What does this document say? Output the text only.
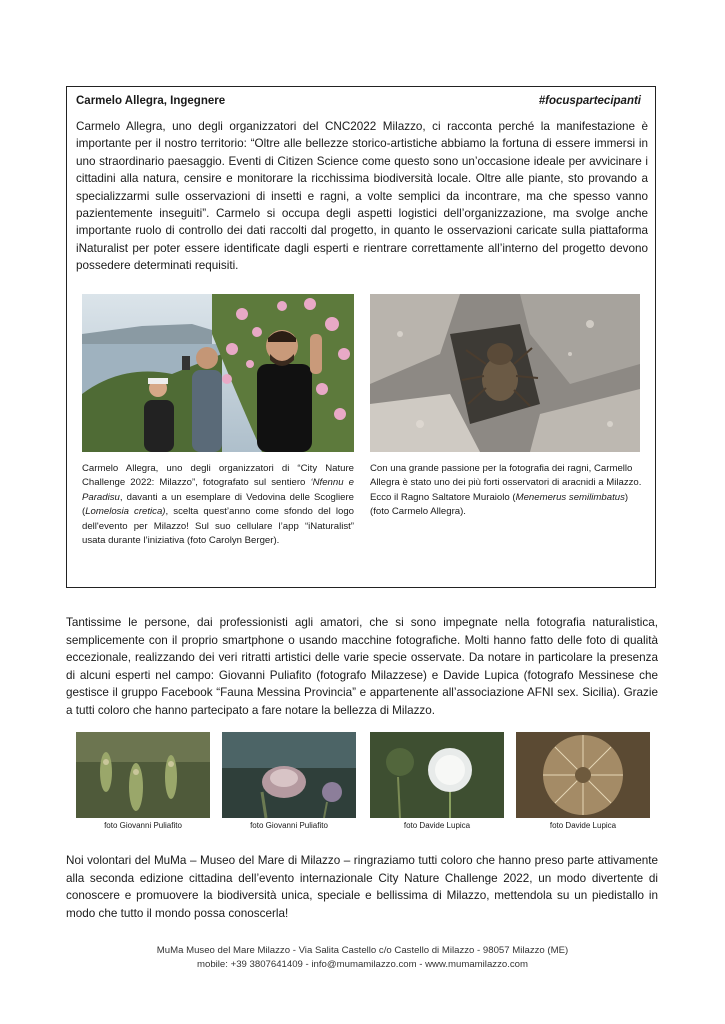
Carmelo Allegra, Ingegnere	#focuspartecipanti

Carmelo Allegra, uno degli organizzatori del CNC2022 Milazzo, ci racconta perché la manifestazione è importante per il nostro territorio: “Oltre alle bellezze storico-artistiche abbiamo la fortuna di essere immersi in uno straordinario paesaggio. Eventi di Citizen Science come questo sono un’occasione ideale per avvicinare i cittadini alla natura, censire e monitorare la ricchissima biodiversità locale. Oltre alle piante, sto provando a specializzarmi sulle osservazioni di insetti e ragni, a volte semplici da incontrare, ma che spesso vanno pazientemente inseguiti”. Carmelo si occupa degli aspetti logistici dell’organizzazione, ma svolge anche importante ruolo di controllo dei dati raccolti dal progetto, in quanto le osservazioni caricate sulla piattaforma iNaturalist per poter essere identificate dagli esperti e rientrare correttamente all’interno del progetto devono possedere determinati requisiti.

Carmelo Allegra, uno degli organizzatori di “City Nature Challenge 2022: Milazzo”, fotografato sul sentiero ‘Nfennu e Paradisu, davanti a un esemplare di Vedovina delle Scogliere (Lomelosia cretica), scelta quest’anno come sfondo del logo dell'evento per Milazzo! Sul suo cellulare l’app “iNaturalist” usata durante l’iniziativa (foto Carolyn Berger).

Con una grande passione per la fotografia dei ragni, Carmello Allegra è stato uno dei più forti osservatori di aracnidi a Milazzo. Ecco il Ragno Saltatore Muraiolo (Menemerus semilimbatus) (foto Carmelo Allegra).

Tantissime le persone, dai professionisti agli amatori, che si sono impegnate nella fotografia naturalistica, semplicemente con il proprio smartphone o usando macchine fotografiche. Molti hanno fatto delle foto di qualità eccezionale, realizzando dei veri ritratti artistici delle varie specie osservate. Da notare in particolare la presenza di alcuni esperti nel campo: Giovanni Puliafito (fotografo Milazzese) e Davide Lupica (fotografo Messinese che gestisce il gruppo Facebook “Fauna Messina Provincia” e appartenente all’associazione AFNI sex. Sicilia). Grazie a tutti coloro che hanno partecipato a fare notare la bellezza di Milazzo.

foto Giovanni Puliafito	foto Giovanni Puliafito	foto Davide Lupica	foto Davide Lupica

Noi volontari del MuMa – Museo del Mare di Milazzo – ringraziamo tutti coloro che hanno preso parte attivamente alla seconda edizione cittadina dell’evento internazionale City Nature Challenge 2022, un modo divertente di conoscere e promuovere la biodiversità unica, speciale e bellissima di Milazzo, mettendola su un piedistallo in modo che tutto il mondo possa conoscerla!

MuMa Museo del Mare Milazzo - Via Salita Castello c/o Castello di Milazzo - 98057 Milazzo (ME)
mobile: +39 3807641409 - info@mumamilazzo.com - www.mumamilazzo.com
